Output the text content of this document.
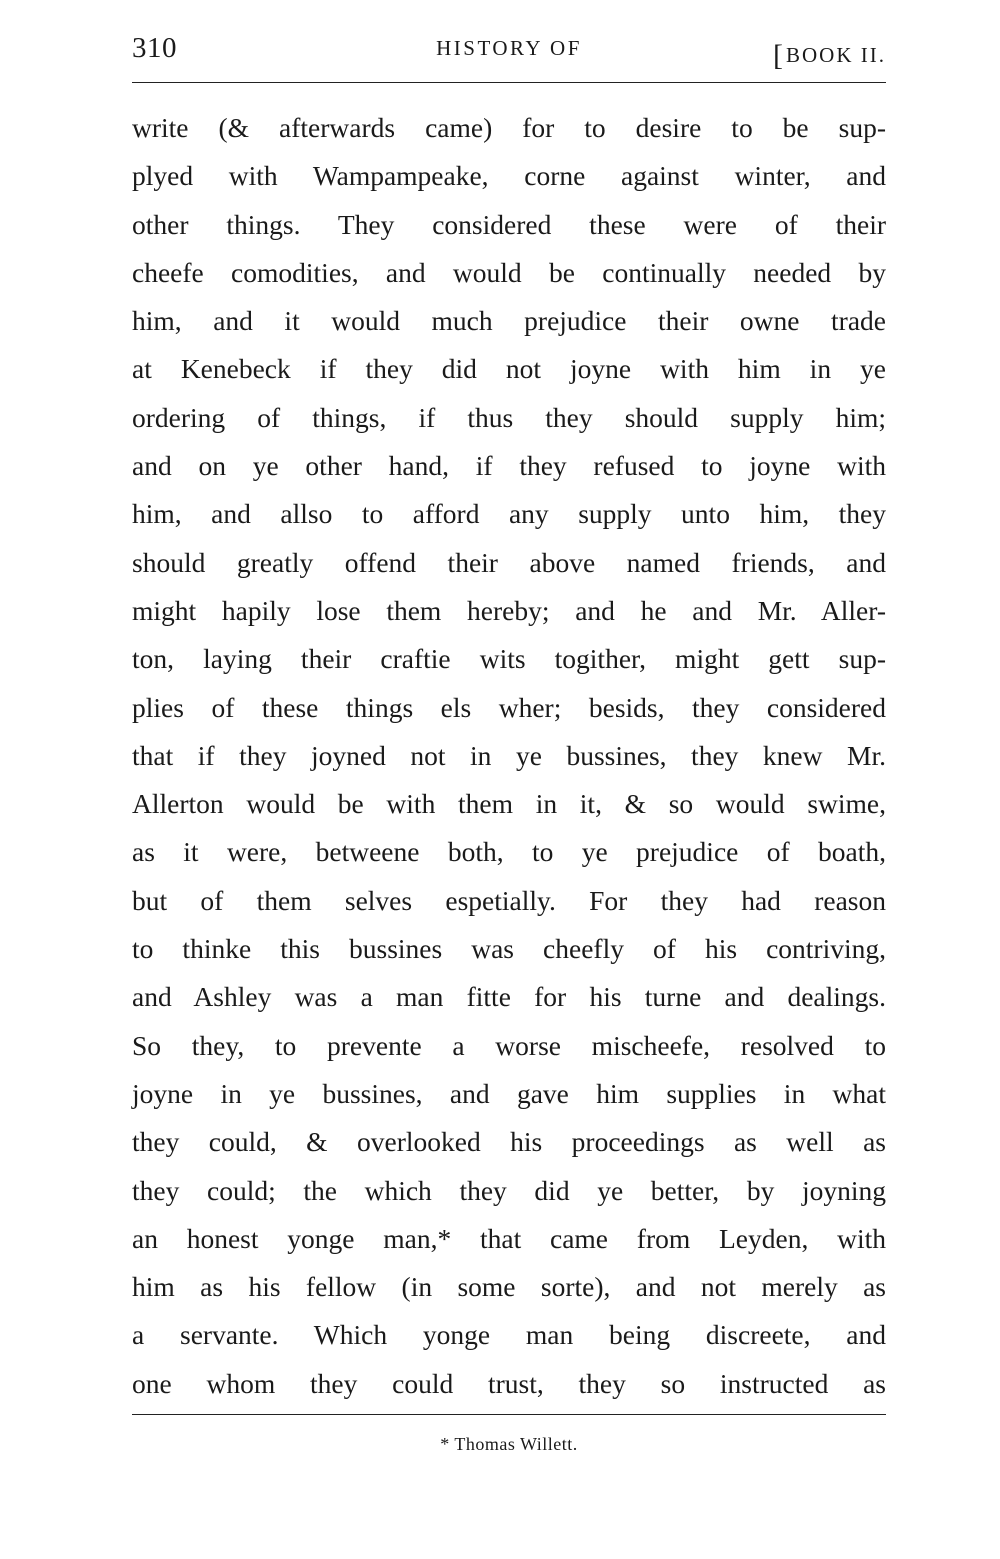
310	HISTORY OF	[BOOK II.
write (& afterwards came) for to desire to be sup-
plyed with Wampampeake, corne against winter, and
other things. They considered these were of their
cheefe comodities, and would be continually needed by
him, and it would much prejudice their owne trade
at Kenebeck if they did not joyne with him in ye
ordering of things, if thus they should supply him;
and on ye other hand, if they refused to joyne with
him, and allso to afford any supply unto him, they
should greatly offend their above named friends, and
might hapily lose them hereby; and he and Mr. Aller-
ton, laying their craftie wits togither, might gett sup-
plies of these things els wher; besids, they considered
that if they joyned not in ye bussines, they knew Mr.
Allerton would be with them in it, & so would swime,
as it were, betweene both, to ye prejudice of boath,
but of them selves espetially. For they had reason
to thinke this bussines was cheefly of his contriving,
and Ashley was a man fitte for his turne and dealings.
So they, to prevente a worse mischeefe, resolved to
joyne in ye bussines, and gave him supplies in what
they could, & overlooked his proceedings as well as
they could; the which they did ye better, by joyning
an honest yonge man,* that came from Leyden, with
him as his fellow (in some sorte), and not merely as
a servante. Which yonge man being discreete, and
one whom they could trust, they so instructed as
* Thomas Willett.
